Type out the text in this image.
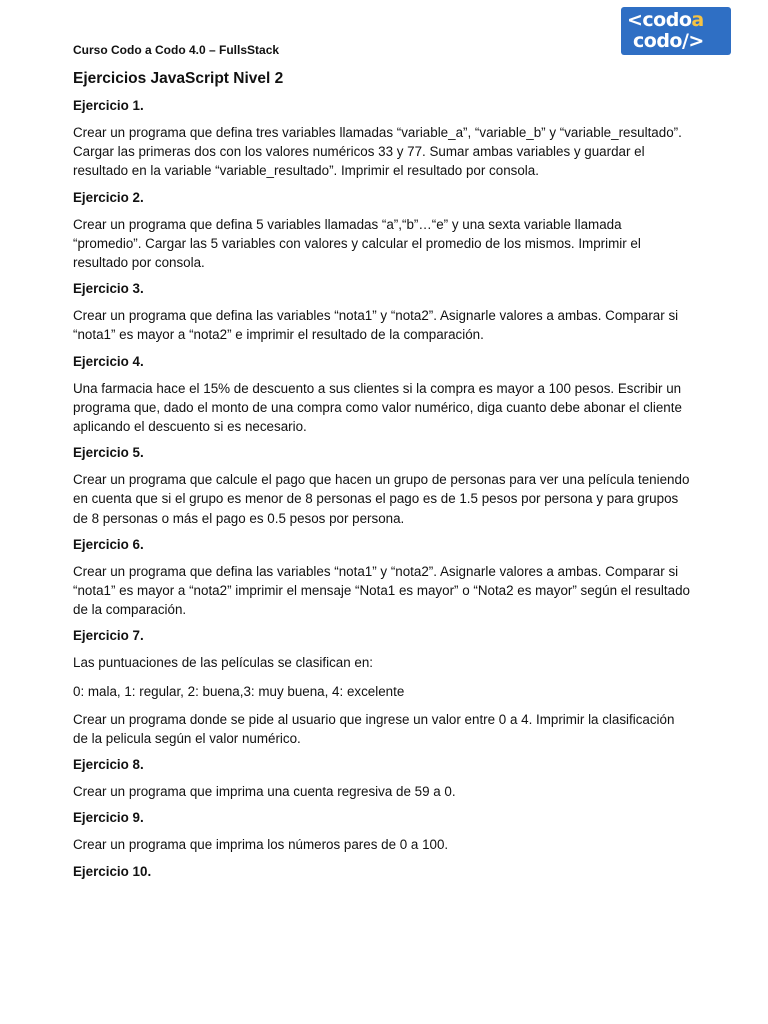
Curso Codo a Codo 4.0 – FullsStack
<codoa
codo/>
Ejercicios JavaScript Nivel 2
Ejercicio 1.
Crear un programa que defina tres variables llamadas “variable_a”, “variable_b” y “variable_resultado”. Cargar las primeras dos con los valores numéricos 33 y 77. Sumar ambas variables y guardar el resultado en la variable “variable_resultado”. Imprimir el resultado por consola.
Ejercicio 2.
Crear un programa que defina 5 variables llamadas “a”,“b”…“e” y una sexta variable llamada “promedio”. Cargar las 5 variables con valores y calcular el promedio de los mismos. Imprimir el resultado por consola.
Ejercicio 3.
Crear un programa que defina las variables “nota1” y “nota2”. Asignarle valores a ambas. Comparar si “nota1” es mayor a “nota2” e imprimir el resultado de la comparación.
Ejercicio 4.
Una farmacia hace el 15% de descuento a sus clientes si la compra es mayor a 100 pesos. Escribir un programa que, dado el monto de una compra como valor numérico, diga cuanto debe abonar el cliente aplicando el descuento si es necesario.
Ejercicio 5.
Crear un programa que calcule el pago que hacen un grupo de personas para ver una película teniendo en cuenta que si el grupo es menor de 8 personas el pago es de 1.5 pesos por persona y para grupos de 8 personas o más el pago es 0.5 pesos por persona.
Ejercicio 6.
Crear un programa que defina las variables “nota1” y “nota2”. Asignarle valores a ambas. Comparar si “nota1” es mayor a “nota2” imprimir el mensaje “Nota1 es mayor” o “Nota2 es mayor” según el resultado de la comparación.
Ejercicio 7.
Las puntuaciones de las películas se clasifican en:
0: mala, 1: regular, 2: buena,3: muy buena, 4: excelente
Crear un programa donde se pide al usuario que ingrese un valor entre 0 a 4. Imprimir la clasificación de la pelicula según el valor numérico.
Ejercicio 8.
Crear un programa que imprima una cuenta regresiva de 59 a 0.
Ejercicio 9.
Crear un programa que imprima los números pares de 0 a 100.
Ejercicio 10.
